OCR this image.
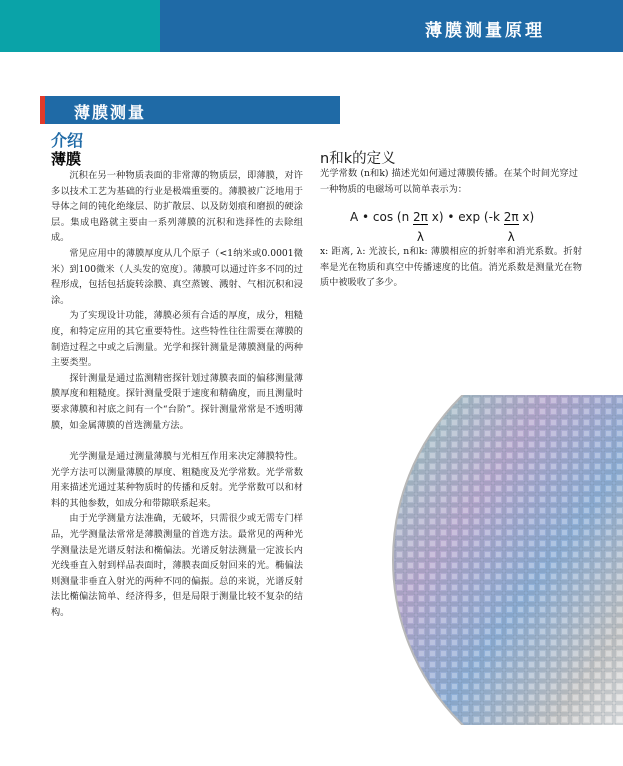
薄膜测量原理
薄膜测量
介绍
薄膜

沉积在另一种物质表面的非常薄的物质层，即薄膜，对许多以技术工艺为基础的行业是极端重要的。薄膜被广泛地用于导体之间的钝化绝缘层、防扩散层、以及防划痕和磨损的硬涂层。集成电路就主要由一系列薄膜的沉积和选择性的去除组成。

常见应用中的薄膜厚度从几个原子（<1纳米或0.0001微米）到100微米（人头发的宽度）。薄膜可以通过许多不同的过程形成，包括包括旋转涂膜、真空蒸镀、溅射、气相沉积和浸涂。

为了实现设计功能，薄膜必须有合适的厚度，成分，粗糙度，和特定应用的其它重要特性。这些特性往往需要在薄膜的制造过程之中或之后测量。光学和探针测量是薄膜测量的两种主要类型。

探针测量是通过监测精密探针划过薄膜表面的偏移测量薄膜厚度和粗糙度。探针测量受限于速度和精确度，而且测量时要求薄膜和衬底之间有一个“台阶”。探针测量常常是不透明薄膜，如金属薄膜的首选测量方法。

光学测量是通过测量薄膜与光相互作用来决定薄膜特性。光学方法可以测量薄膜的厚度、粗糙度及光学常数。光学常数用来描述光通过某种物质时的传播和反射。光学常数可以和材料的其他参数，如成分和带隙联系起来。

由于光学测量方法准确，无破坏，只需很少或无需专门样品，光学测量法常常是薄膜测量的首选方法。最常见的两种光学测量法是光谱反射法和椭偏法。光谱反射法测量一定波长内光线垂直入射到样品表面时，薄膜表面反射回来的光。椭偏法则测量非垂直入射光的两种不同的偏振。总的来说，光谱反射法比椭偏法简单、经济得多，但是局限于测量比较不复杂的结构。

n和k的定义

光学常数 (n和k) 描述光如何通过薄膜传播。在某个时间光穿过一种物质的电磁场可以简单表示为：

A • $\cos (n \frac{2\pi}{\lambda} x)$ • $\exp (-k \frac{2\pi}{\lambda} x)$
x: 距离, λ: 光波长, n和k: 薄膜相应的折射率和消光系数。折射率是光在物质和真空中传播速度的比值。消光系数是测量光在物质中被吸收了多少。
